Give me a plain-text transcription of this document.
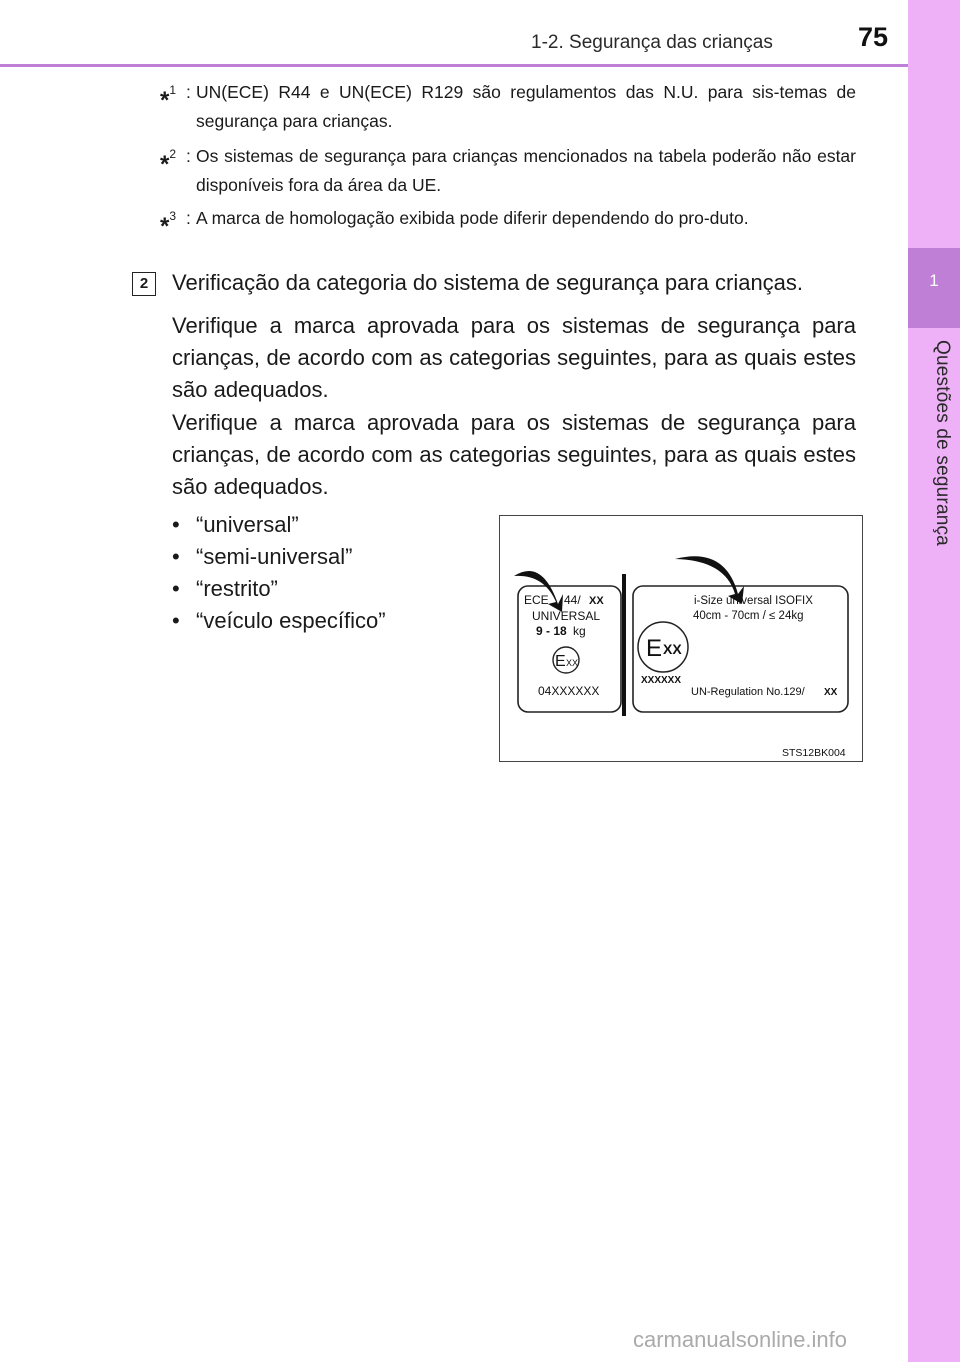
1
Questões de segurança
1-2. Segurança das crianças	75
*$^1$ : UN(ECE) R44 e UN(ECE) R129 são regulamentos das N.U. para sis-temas de segurança para crianças.
*$^2$ : Os sistemas de segurança para crianças mencionados na tabela poderão não estar disponíveis fora da área da UE.
*$^3$ : A marca de homologação exibida pode diferir dependendo do pro-duto.
2	Verificação da categoria do sistema de segurança para crianças.
Verifique a marca aprovada para os sistemas de segurança para crianças, de acordo com as categorias seguintes, para as quais estes são adequados.
Verifique a marca aprovada para os sistemas de segurança para crianças, de acordo com as categorias seguintes, para as quais estes são adequados.
• “universal”
• “semi-universal”
• “restrito”
• “veículo específico”
ECE 44/ XX
UNIVERSAL
9 - 18 kg
E XX
04XXXXXX
i-Size universal ISOFIX
40cm - 70cm / ≤ 24kg
E XX
XXXXXX
UN-Regulation No.129/ XX
STS12BK004
carmanualsonline.info
